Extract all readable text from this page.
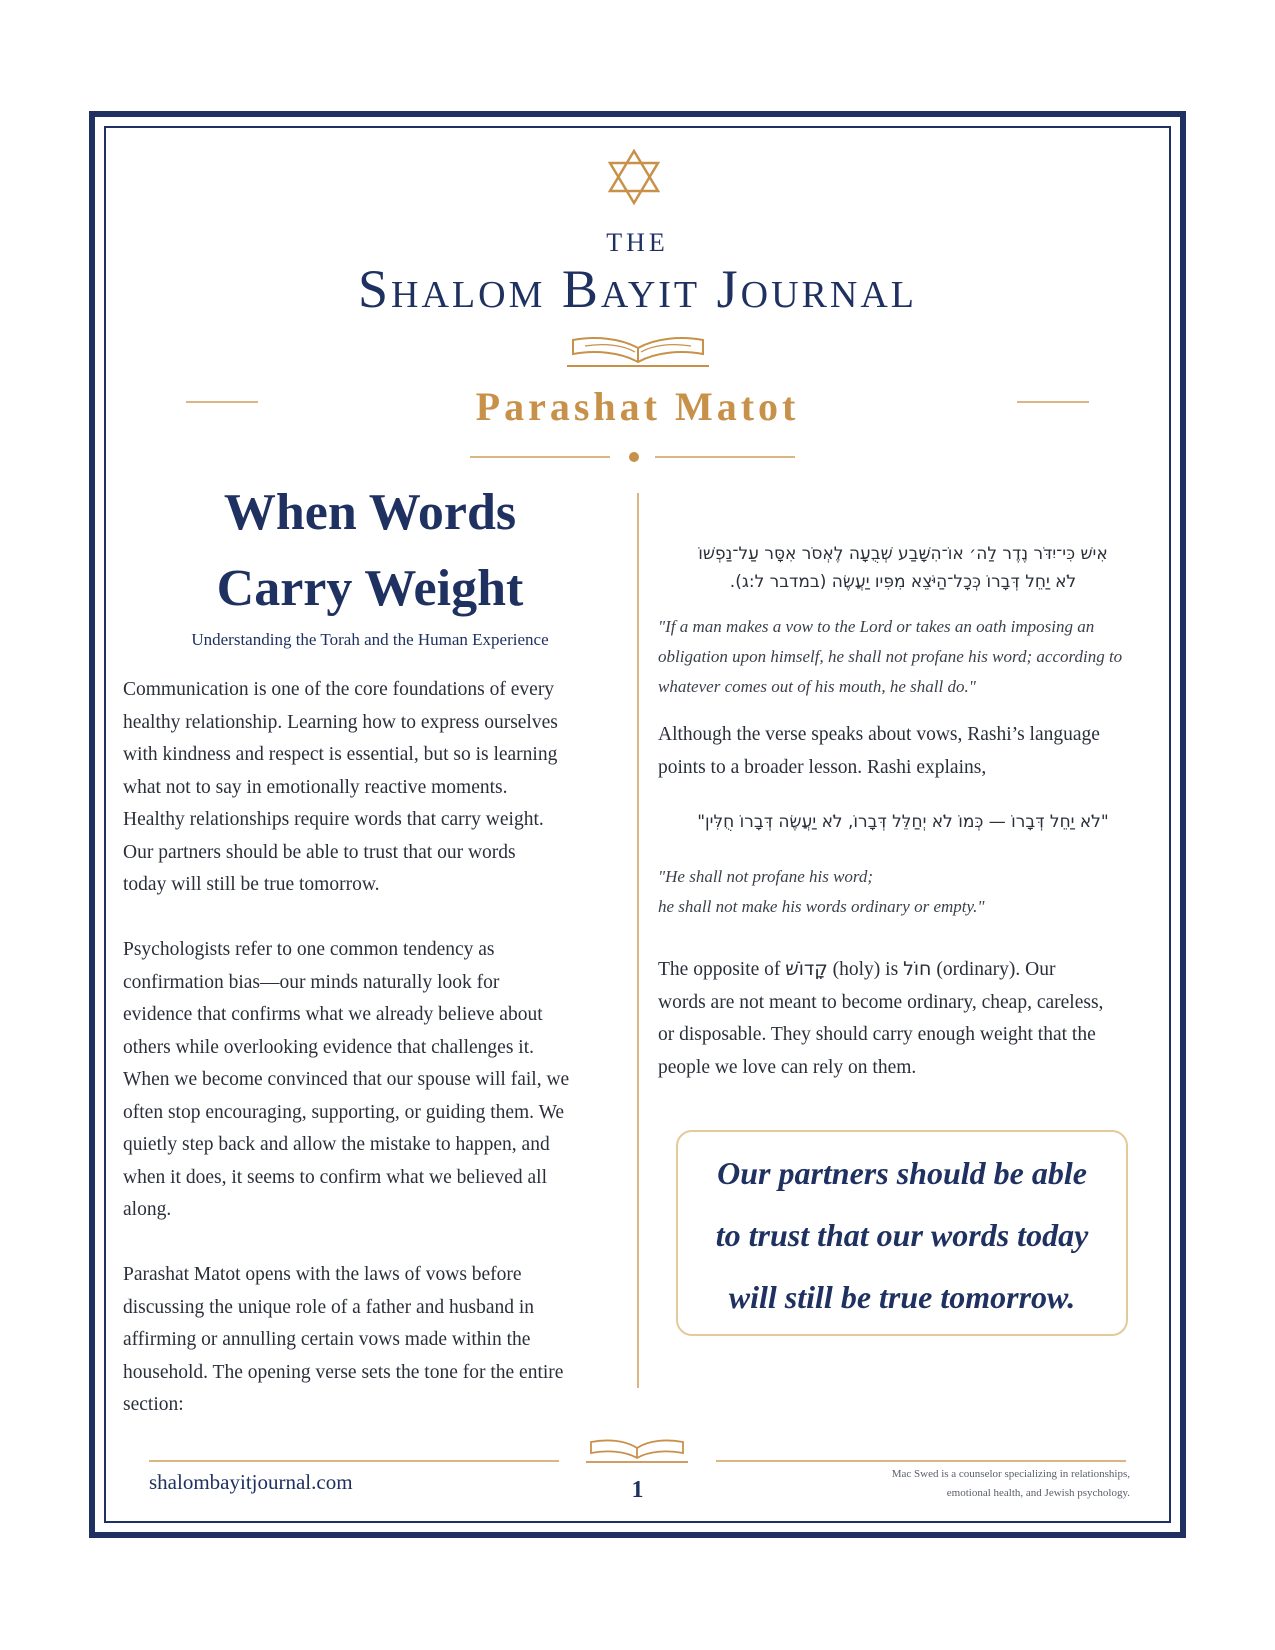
THE
Shalom Bayit Journal
Parashat Matot
When Words
Carry Weight
Understanding the Torah and the Human Experience
Communication is one of the core foundations of every
healthy relationship. Learning how to express ourselves
with kindness and respect is essential, but so is learning
what not to say in emotionally reactive moments.
Healthy relationships require words that carry weight.
Our partners should be able to trust that our words
today will still be true tomorrow.
Psychologists refer to one common tendency as
confirmation bias—our minds naturally look for
evidence that confirms what we already believe about
others while overlooking evidence that challenges it.
When we become convinced that our spouse will fail, we
often stop encouraging, supporting, or guiding them. We
quietly step back and allow the mistake to happen, and
when it does, it seems to confirm what we believed all
along.
Parashat Matot opens with the laws of vows before
discussing the unique role of a father and husband in
affirming or annulling certain vows made within the
household. The opening verse sets the tone for the entire
section:
אִישׁ כִּי־יִדֹּר נֶדֶר לַה׳ אוֹ־הִשָּׁבַע שְׁבֻעָה לֶאְסֹר אִסָּר עַל־נַפְשׁוֹ
לֹא יַחֵל דְּבָרוֹ כְּכָל־הַיֹּצֵא מִפִּיו יַעֲשֶׂה (במדבר ל:ג).
"If a man makes a vow to the Lord or takes an oath imposing an
obligation upon himself, he shall not profane his word; according to
whatever comes out of his mouth, he shall do."
Although the verse speaks about vows, Rashi’s language
points to a broader lesson. Rashi explains,
"לֹא יַחֵל דְּבָרוֹ — כְּמוֹ לֹא יְחַלֵּל דְּבָרוֹ, לֹא יַעֲשֶׂה דְּבָרוֹ חֻלִּין"
"He shall not profane his word;
he shall not make his words ordinary or empty."
The opposite of קָדוֹשׁ (holy) is חוֹל (ordinary). Our
words are not meant to become ordinary, cheap, careless,
or disposable. They should carry enough weight that the
people we love can rely on them.
Our partners should be able
to trust that our words today
will still be true tomorrow.
shalombayitjournal.com	1
Mac Swed is a counselor specializing in relationships,
emotional health, and Jewish psychology.
